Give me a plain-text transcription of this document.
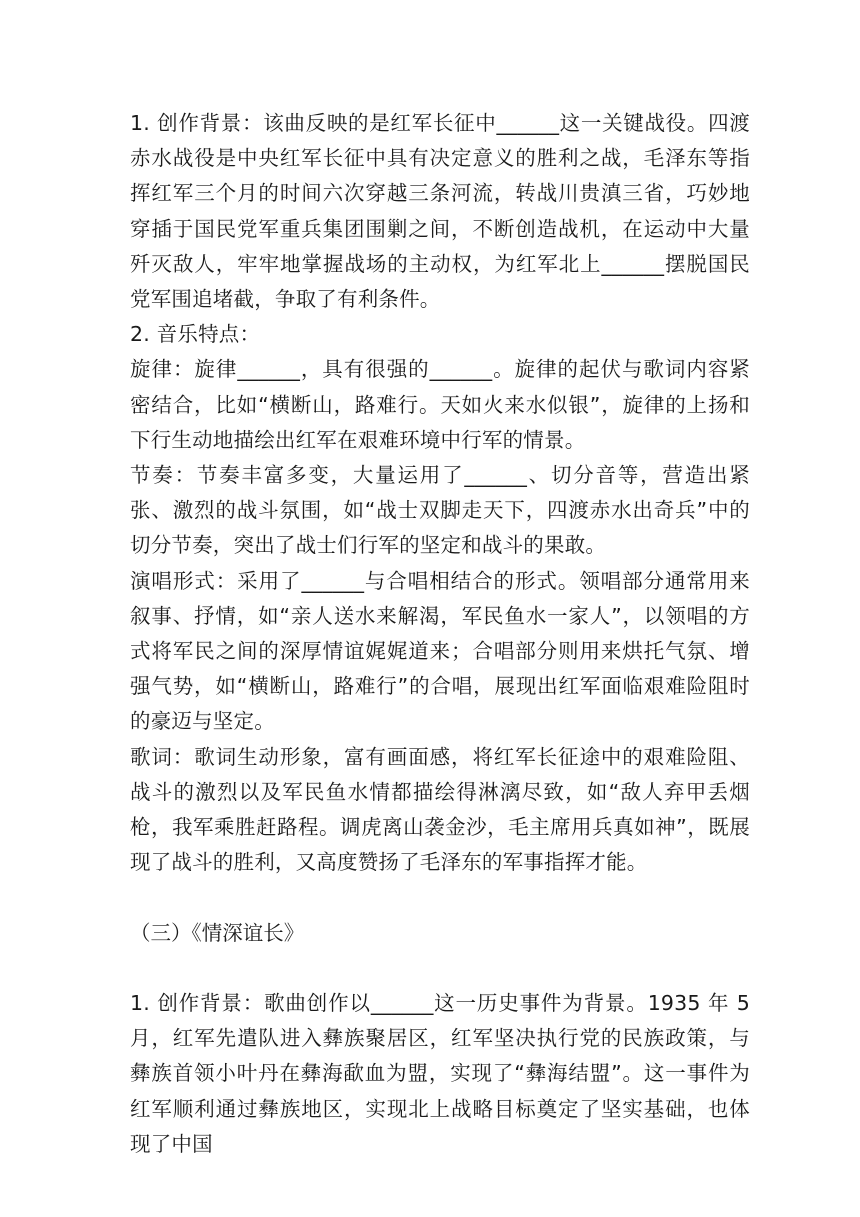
1. 创作背景：该曲反映的是红军长征中______这一关键战役。四渡赤水战役是中央红军长征中具有决定意义的胜利之战，毛泽东等指挥红军三个月的时间六次穿越三条河流，转战川贵滇三省，巧妙地穿插于国民党军重兵集团围剿之间，不断创造战机，在运动中大量歼灭敌人，牢牢地掌握战场的主动权，为红军北上______摆脱国民党军围追堵截，争取了有利条件。

2. 音乐特点：

旋律：旋律______，具有很强的______。旋律的起伏与歌词内容紧密结合，比如“横断山，路难行。天如火来水似银”，旋律的上扬和下行生动地描绘出红军在艰难环境中行军的情景。

节奏：节奏丰富多变，大量运用了______、切分音等，营造出紧张、激烈的战斗氛围，如“战士双脚走天下，四渡赤水出奇兵”中的切分节奏，突出了战士们行军的坚定和战斗的果敢。

演唱形式：采用了______与合唱相结合的形式。领唱部分通常用来叙事、抒情，如“亲人送水来解渴，军民鱼水一家人”，以领唱的方式将军民之间的深厚情谊娓娓道来；合唱部分则用来烘托气氛、增强气势，如“横断山，路难行”的合唱，展现出红军面临艰难险阻时的豪迈与坚定。

歌词：歌词生动形象，富有画面感，将红军长征途中的艰难险阻、战斗的激烈以及军民鱼水情都描绘得淋漓尽致，如“敌人弃甲丢烟枪，我军乘胜赶路程。调虎离山袭金沙，毛主席用兵真如神”，既展现了战斗的胜利，又高度赞扬了毛泽东的军事指挥才能。

（三）《情深谊长》

1. 创作背景：歌曲创作以______这一历史事件为背景。1935 年 5 月，红军先遣队进入彝族聚居区，红军坚决执行党的民族政策，与彝族首领小叶丹在彝海歃血为盟，实现了“彝海结盟”。这一事件为红军顺利通过彝族地区，实现北上战略目标奠定了坚实基础，也体现了中国
